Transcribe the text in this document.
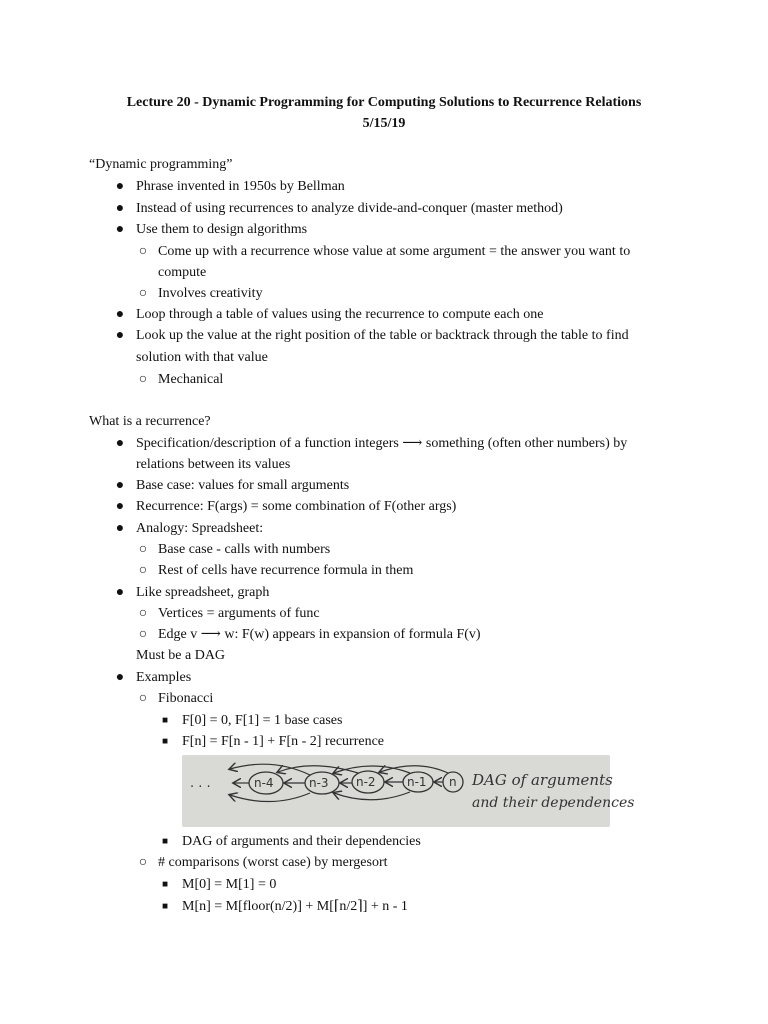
Lecture 20 - Dynamic Programming for Computing Solutions to Recurrence Relations
5/15/19
“Dynamic programming”
● Phrase invented in 1950s by Bellman
● Instead of using recurrences to analyze divide-and-conquer (master method)
● Use them to design algorithms
○ Come up with a recurrence whose value at some argument = the answer you want to
compute
○ Involves creativity
● Loop through a table of values using the recurrence to compute each one
● Look up the value at the right position of the table or backtrack through the table to find
solution with that value
○ Mechanical
What is a recurrence?
● Specification/description of a function integers ⟶ something (often other numbers) by
relations between its values
● Base case: values for small arguments
● Recurrence: F(args) = some combination of F(other args)
● Analogy: Spreadsheet:
○ Base case - calls with numbers
○ Rest of cells have recurrence formula in them
● Like spreadsheet, graph
○ Vertices = arguments of func
○ Edge v ⟶ w: F(w) appears in expansion of formula F(v)
Must be a DAG
● Examples
○ Fibonacci
■ F[0] = 0, F[1] = 1 base cases
■ F[n] = F[n - 1] + F[n - 2] recurrence
. . .	n-4	n-3 n-2	n-1 n DAG of arguments
and their dependences
■ DAG of arguments and their dependencies
○ # comparisons (worst case) by mergesort
■ M[0] = M[1] = 0
■ M[n] = M[floor(n/2)] + M[⌈n/2⌉] + n - 1
